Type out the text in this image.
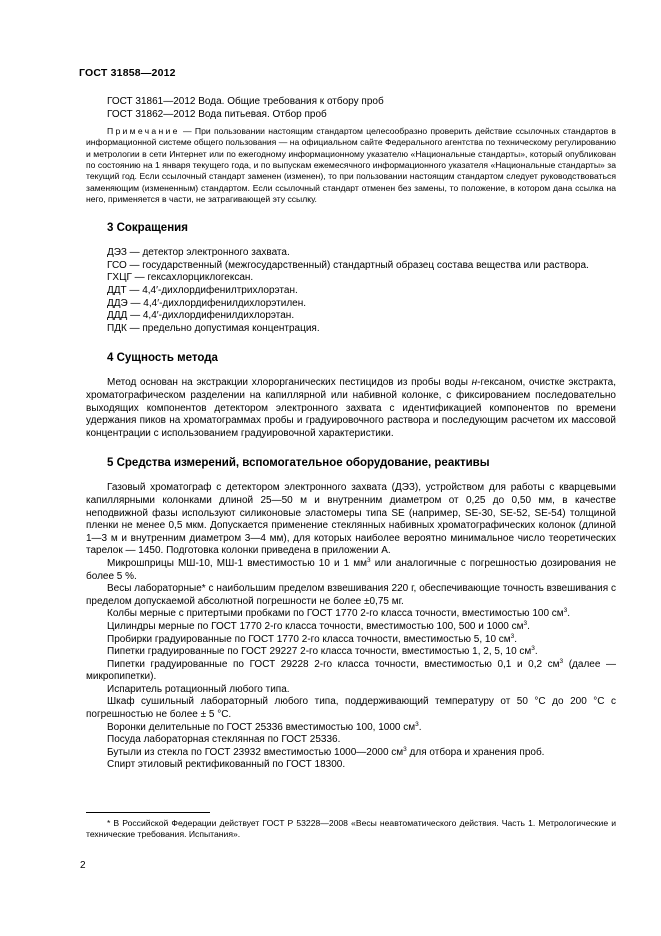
ГОСТ 31858—2012

ГОСТ 31861—2012 Вода. Общие требования к отбору проб

ГОСТ 31862—2012 Вода питьевая. Отбор проб

Примечание — При пользовании настоящим стандартом целесообразно проверить действие ссылочных стандартов в информационной системе общего пользования — на официальном сайте Федерального агентства по техническому регулированию и метрологии в сети Интернет или по ежегодному информационному указателю «Национальные стандарты», который опубликован по состоянию на 1 января текущего года, и по выпускам ежемесячного информационного указателя «Национальные стандарты» за текущий год. Если ссылочный стандарт заменен (изменен), то при пользовании настоящим стандартом следует руководствоваться заменяющим (измененным) стандартом. Если ссылочный стандарт отменен без замены, то положение, в котором дана ссылка на него, применяется в части, не затрагивающей эту ссылку.

3 Сокращения

ДЭЗ — детектор электронного захвата.

ГСО — государственный (межгосударственный) стандартный образец состава вещества или раствора.

ГХЦГ — гексахлорциклогексан.

ДДТ — 4,4′-дихлордифенилтрихлорэтан.

ДДЭ — 4,4′-дихлордифенилдихлорэтилен.

ДДД — 4,4′-дихлордифенилдихлорэтан.

ПДК — предельно допустимая концентрация.

4 Сущность метода

Метод основан на экстракции хлорорганических пестицидов из пробы воды н-гексаном, очистке экстракта, хроматографическом разделении на капиллярной или набивной колонке, с фиксированием последовательно выходящих компонентов детектором электронного захвата с идентификацией компонентов по времени удержания пиков на хроматограммах пробы и градуировочного раствора и последующим расчетом их массовой концентрации с использованием градуировочной характеристики.

5 Средства измерений, вспомогательное оборудование, реактивы

Газовый хроматограф с детектором электронного захвата (ДЭЗ), устройством для работы с кварцевыми капиллярными колонками длиной 25—50 м и внутренним диаметром от 0,25 до 0,50 мм, в качестве неподвижной фазы используют силиконовые эластомеры типа SE (например, SE-30, SE-52, SE-54) толщиной пленки не менее 0,5 мкм. Допускается применение стеклянных набивных хроматографических колонок (длиной 1—3 м и внутренним диаметром 3—4 мм), для которых наиболее вероятно минимальное число теоретических тарелок — 1450. Подготовка колонки приведена в приложении А.

Микрошприцы МШ-10, МШ-1 вместимостью 10 и 1 $мм^3$ или аналогичные с погрешностью дозирования не более 5 %.

Весы лабораторные* с наибольшим пределом взвешивания 220 г, обеспечивающие точность взвешивания с пределом допускаемой абсолютной погрешности не более ±0,75 мг.

Колбы мерные с притертыми пробками по ГОСТ 1770 2-го класса точности, вместимостью 100 $см^3$.

Цилиндры мерные по ГОСТ 1770 2-го класса точности, вместимостью 100, 500 и 1000 $см^3$.

Пробирки градуированные по ГОСТ 1770 2-го класса точности, вместимостью 5, 10 $см^3$.

Пипетки градуированные по ГОСТ 29227 2-го класса точности, вместимостью 1, 2, 5, 10 $см^3$.

Пипетки градуированные по ГОСТ 29228 2-го класса точности, вместимостью 0,1 и 0,2 $см^3$ (далее — микропипетки).

Испаритель ротационный любого типа.

Шкаф сушильный лабораторный любого типа, поддерживающий температуру от 50 °С до 200 °С с погрешностью не более ± 5 °С.

Воронки делительные по ГОСТ 25336 вместимостью 100, 1000 $см^3$.

Посуда лабораторная стеклянная по ГОСТ 25336.

Бутыли из стекла по ГОСТ 23932 вместимостью 1000—2000 $см^3$ для отбора и хранения проб.

Спирт этиловый ректификованный по ГОСТ 18300.

* В Российской Федерации действует ГОСТ Р 53228—2008 «Весы неавтоматического действия. Часть 1. Метрологические и технические требования. Испытания».

2
